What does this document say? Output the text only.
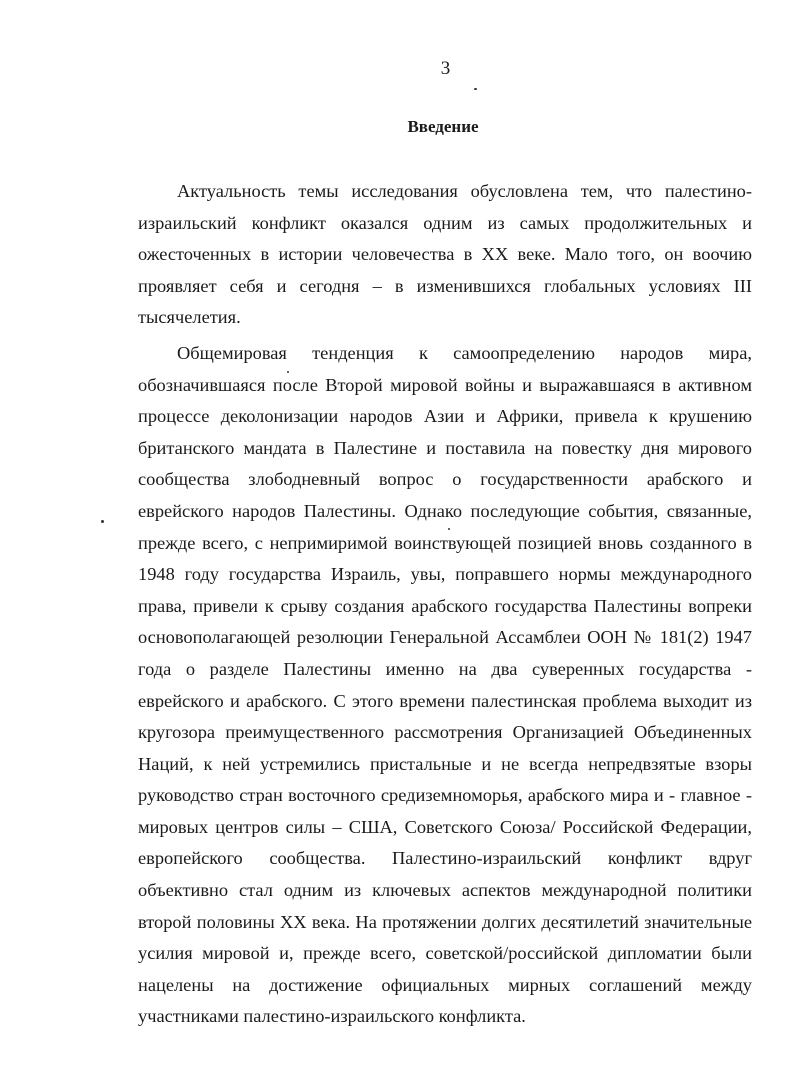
3
Введение

Актуальность темы исследования обусловлена тем, что палестино-израильский конфликт оказался одним из самых продолжительных и ожесточенных в истории человечества в XX веке. Мало того, он воочию проявляет себя и сегодня – в изменившихся глобальных условиях III тысячелетия.

Общемировая тенденция к самоопределению народов мира, обозначившаяся после Второй мировой войны и выражавшаяся в активном процессе деколонизации народов Азии и Африки, привела к крушению британского мандата в Палестине и поставила на повестку дня мирового сообщества злободневный вопрос о государственности арабского и еврейского народов Палестины. Однако последующие события, связанные, прежде всего, с непримиримой воинствующей позицией вновь созданного в 1948 году государства Израиль, увы, поправшего нормы международного права, привели к срыву создания арабского государства Палестины вопреки основополагающей резолюции Генеральной Ассамблеи ООН № 181(2) 1947 года о разделе Палестины именно на два суверенных государства - еврейского и арабского. С этого времени палестинская проблема выходит из кругозора преимущественного рассмотрения Организацией Объединенных Наций, к ней устремились пристальные и не всегда непредвзятые взоры руководство стран восточного средиземноморья, арабского мира и - главное - мировых центров силы – США, Советского Союза/ Российской Федерации, европейского сообщества. Палестино-израильский конфликт вдруг объективно стал одним из ключевых аспектов международной политики второй половины XX века. На протяжении долгих десятилетий значительные усилия мировой и, прежде всего, советской/российской дипломатии были нацелены на достижение официальных мирных соглашений между участниками палестино-израильского конфликта.
